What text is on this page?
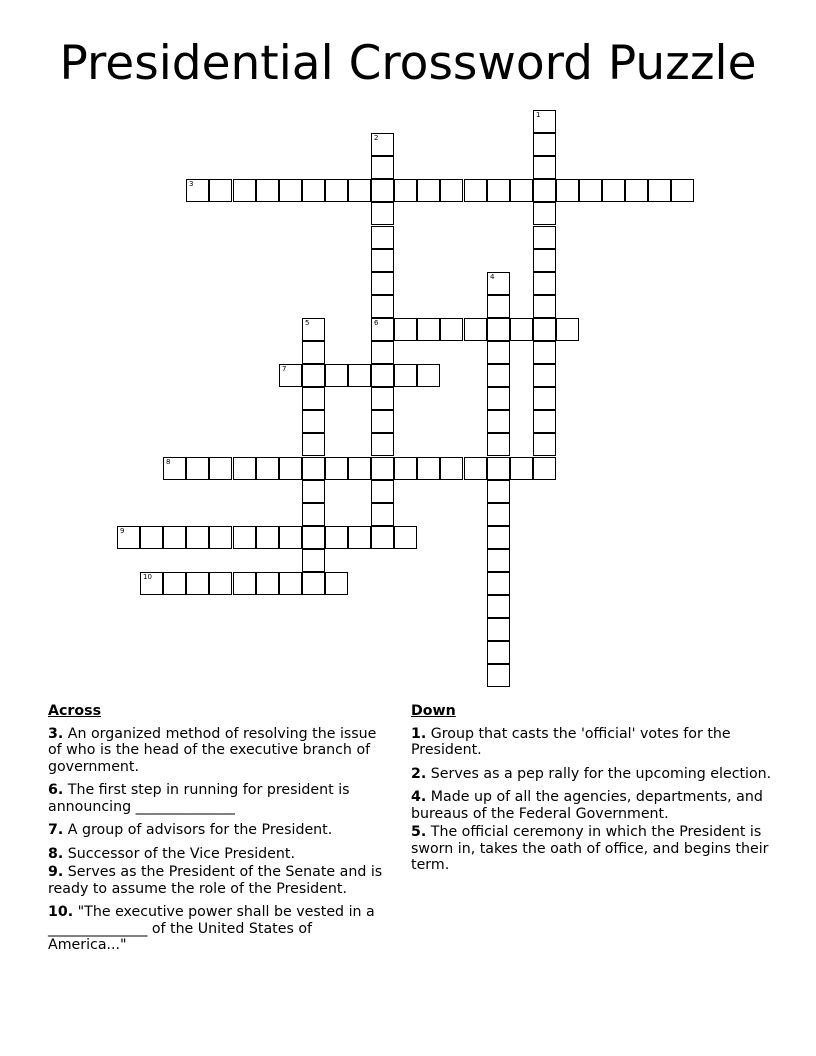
Presidential Crossword Puzzle
1
2
6
3
4
5
7
8
9
10
Across
3. An organized method of resolving the issue of who is the head of the executive branch of government.
6. The first step in running for president is announcing ______________
7. A group of advisors for the President.
8. Successor of the Vice President.
9. Serves as the President of the Senate and is ready to assume the role of the President.
10. "The executive power shall be vested in a ______________ of the United States of America..."
Down
1. Group that casts the 'official' votes for the President.
2. Serves as a pep rally for the upcoming election.
4. Made up of all the agencies, departments, and bureaus of the Federal Government.
5. The official ceremony in which the President is sworn in, takes the oath of office, and begins their term.
